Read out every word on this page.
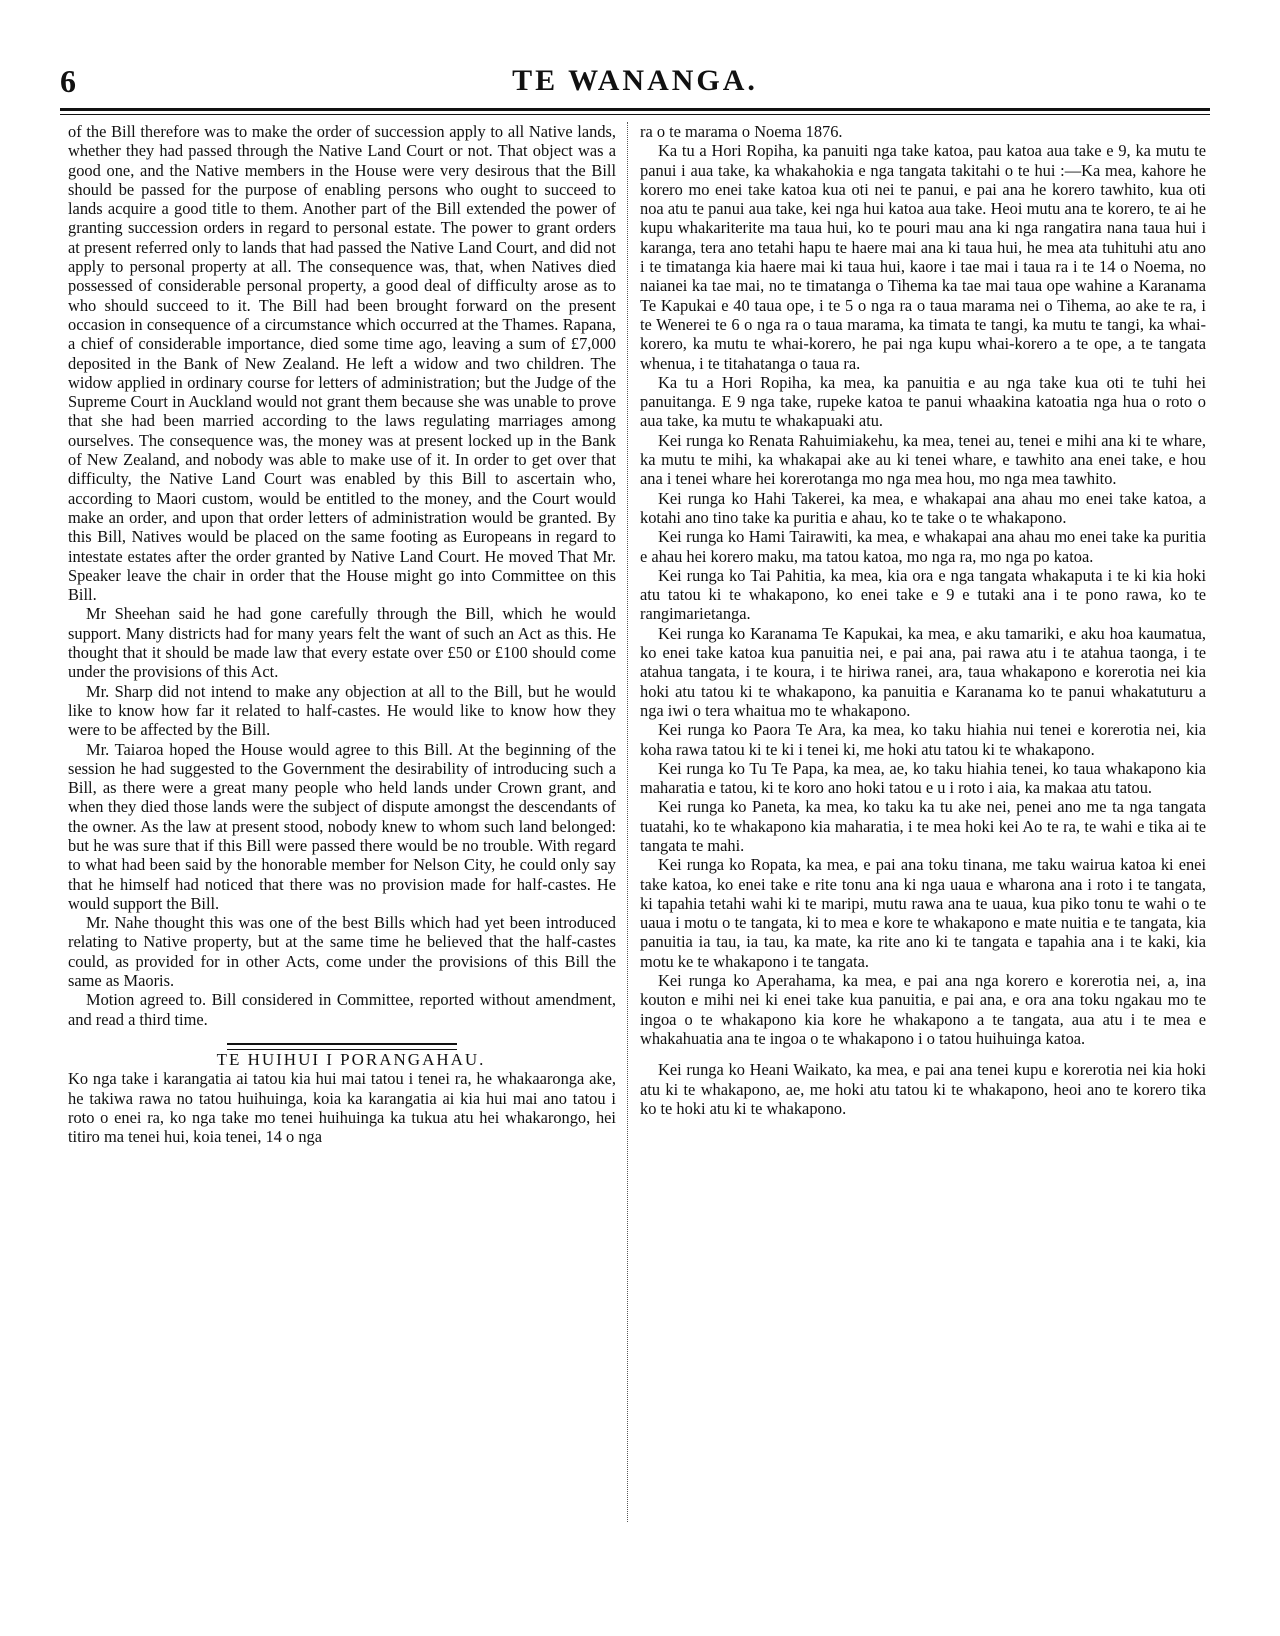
6	TE WANANGA.

of the Bill therefore was to make the order of succession apply to all Native lands, whether they had passed through the Native Land Court or not. That object was a good one, and the Native members in the House were very desirous that the Bill should be passed for the purpose of enabling persons who ought to succeed to lands acquire a good title to them. Another part of the Bill extended the power of granting succession orders in regard to personal estate. The power to grant orders at present referred only to lands that had passed the Native Land Court, and did not apply to personal property at all. The consequence was, that, when Natives died possessed of considerable personal property, a good deal of difficulty arose as to who should succeed to it. The Bill had been brought forward on the present occasion in consequence of a circumstance which occurred at the Thames. Rapana, a chief of considerable importance, died some time ago, leaving a sum of £7,000 deposited in the Bank of New Zealand. He left a widow and two children. The widow applied in ordinary course for letters of administration; but the Judge of the Supreme Court in Auckland would not grant them because she was unable to prove that she had been married according to the laws regulating marriages among ourselves. The consequence was, the money was at present locked up in the Bank of New Zealand, and nobody was able to make use of it. In order to get over that difficulty, the Native Land Court was enabled by this Bill to ascertain who, according to Maori custom, would be entitled to the money, and the Court would make an order, and upon that order letters of administration would be granted. By this Bill, Natives would be placed on the same footing as Europeans in regard to intestate estates after the order granted by Native Land Court. He moved That Mr. Speaker leave the chair in order that the House might go into Committee on this Bill.

Mr Sheehan said he had gone carefully through the Bill, which he would support. Many districts had for many years felt the want of such an Act as this. He thought that it should be made law that every estate over £50 or £100 should come under the provisions of this Act.

Mr. Sharp did not intend to make any objection at all to the Bill, but he would like to know how far it related to half-castes. He would like to know how they were to be affected by the Bill.

Mr. Taiaroa hoped the House would agree to this Bill. At the beginning of the session he had suggested to the Government the desirability of introducing such a Bill, as there were a great many people who held lands under Crown grant, and when they died those lands were the subject of dispute amongst the descendants of the owner. As the law at present stood, nobody knew to whom such land belonged: but he was sure that if this Bill were passed there would be no trouble. With regard to what had been said by the honorable member for Nelson City, he could only say that he himself had noticed that there was no provision made for half-castes. He would support the Bill.

Mr. Nahe thought this was one of the best Bills which had yet been introduced relating to Native property, but at the same time he believed that the half-castes could, as provided for in other Acts, come under the provisions of this Bill the same as Maoris.

Motion agreed to. Bill considered in Committee, reported without amendment, and read a third time.

TE HUIHUI I PORANGAHAU.

Ko nga take i karangatia ai tatou kia hui mai tatou i tenei ra, he whakaaronga ake, he takiwa rawa no tatou huihuinga, koia ka karangatia ai kia hui mai ano tatou i roto o enei ra, ko nga take mo tenei huihuinga ka tukua atu hei whakarongo, hei titiro ma tenei hui, koia tenei, 14 o nga

ra o te marama o Noema 1876.

Ka tu a Hori Ropiha, ka panuiti nga take katoa, pau katoa aua take e 9, ka mutu te panui i aua take, ka whakahokia e nga tangata takitahi o te hui :—Ka mea, kahore he korero mo enei take katoa kua oti nei te panui, e pai ana he korero tawhito, kua oti noa atu te panui aua take, kei nga hui katoa aua take. Heoi mutu ana te korero, te ai he kupu whakariterite ma taua hui, ko te pouri mau ana ki nga rangatira nana taua hui i karanga, tera ano tetahi hapu te haere mai ana ki taua hui, he mea ata tuhituhi atu ano i te timatanga kia haere mai ki taua hui, kaore i tae mai i taua ra i te 14 o Noema, no naianei ka tae mai, no te timatanga o Tihema ka tae mai taua ope wahine a Karanama Te Kapukai e 40 taua ope, i te 5 o nga ra o taua marama nei o Tihema, ao ake te ra, i te Wenerei te 6 o nga ra o taua marama, ka timata te tangi, ka mutu te tangi, ka whai-korero, ka mutu te whai-korero, he pai nga kupu whai-korero a te ope, a te tangata whenua, i te titahatanga o taua ra.

Ka tu a Hori Ropiha, ka mea, ka panuitia e au nga take kua oti te tuhi hei panuitanga. E 9 nga take, rupeke katoa te panui whaakina katoatia nga hua o roto o aua take, ka mutu te whakapuaki atu.

Kei runga ko Renata Rahuimiakehu, ka mea, tenei au, tenei e mihi ana ki te whare, ka mutu te mihi, ka whakapai ake au ki tenei whare, e tawhito ana enei take, e hou ana i tenei whare hei korerotanga mo nga mea hou, mo nga mea tawhito.

Kei runga ko Hahi Takerei, ka mea, e whakapai ana ahau mo enei take katoa, a kotahi ano tino take ka puritia e ahau, ko te take o te whakapono.

Kei runga ko Hami Tairawiti, ka mea, e whakapai ana ahau mo enei take ka puritia e ahau hei korero maku, ma tatou katoa, mo nga ra, mo nga po katoa.

Kei runga ko Tai Pahitia, ka mea, kia ora e nga tangata whakaputa i te ki kia hoki atu tatou ki te whakapono, ko enei take e 9 e tutaki ana i te pono rawa, ko te rangimarietanga.

Kei runga ko Karanama Te Kapukai, ka mea, e aku tamariki, e aku hoa kaumatua, ko enei take katoa kua panuitia nei, e pai ana, pai rawa atu i te atahua taonga, i te atahua tangata, i te koura, i te hiriwa ranei, ara, taua whakapono e korerotia nei kia hoki atu tatou ki te whakapono, ka panuitia e Karanama ko te panui whakatuturu a nga iwi o tera whaitua mo te whakapono.

Kei runga ko Paora Te Ara, ka mea, ko taku hiahia nui tenei e korerotia nei, kia koha rawa tatou ki te ki i tenei ki, me hoki atu tatou ki te whakapono.

Kei runga ko Tu Te Papa, ka mea, ae, ko taku hiahia tenei, ko taua whakapono kia maharatia e tatou, ki te koro ano hoki tatou e u i roto i aia, ka makaa atu tatou.

Kei runga ko Paneta, ka mea, ko taku ka tu ake nei, penei ano me ta nga tangata tuatahi, ko te whakapono kia maharatia, i te mea hoki kei Ao te ra, te wahi e tika ai te tangata te mahi.

Kei runga ko Ropata, ka mea, e pai ana toku tinana, me taku wairua katoa ki enei take katoa, ko enei take e rite tonu ana ki nga uaua e wharona ana i roto i te tangata, ki tapahia tetahi wahi ki te maripi, mutu rawa ana te uaua, kua piko tonu te wahi o te uaua i motu o te tangata, ki to mea e kore te whakapono e mate nuitia e te tangata, kia panuitia ia tau, ia tau, ka mate, ka rite ano ki te tangata e tapahia ana i te kaki, kia motu ke te whakapono i te tangata.

Kei runga ko Aperahama, ka mea, e pai ana nga korero e korerotia nei, a, ina kouton e mihi nei ki enei take kua panuitia, e pai ana, e ora ana toku ngakau mo te ingoa o te whakapono kia kore he whakapono a te tangata, aua atu i te mea e whakahuatia ana te ingoa o te whakapono i o tatou huihuinga katoa.

Kei runga ko Heani Waikato, ka mea, e pai ana tenei kupu e korerotia nei kia hoki atu ki te whakapono, ae, me hoki atu tatou ki te whakapono, heoi ano te korero tika ko te hoki atu ki te whakapono.
